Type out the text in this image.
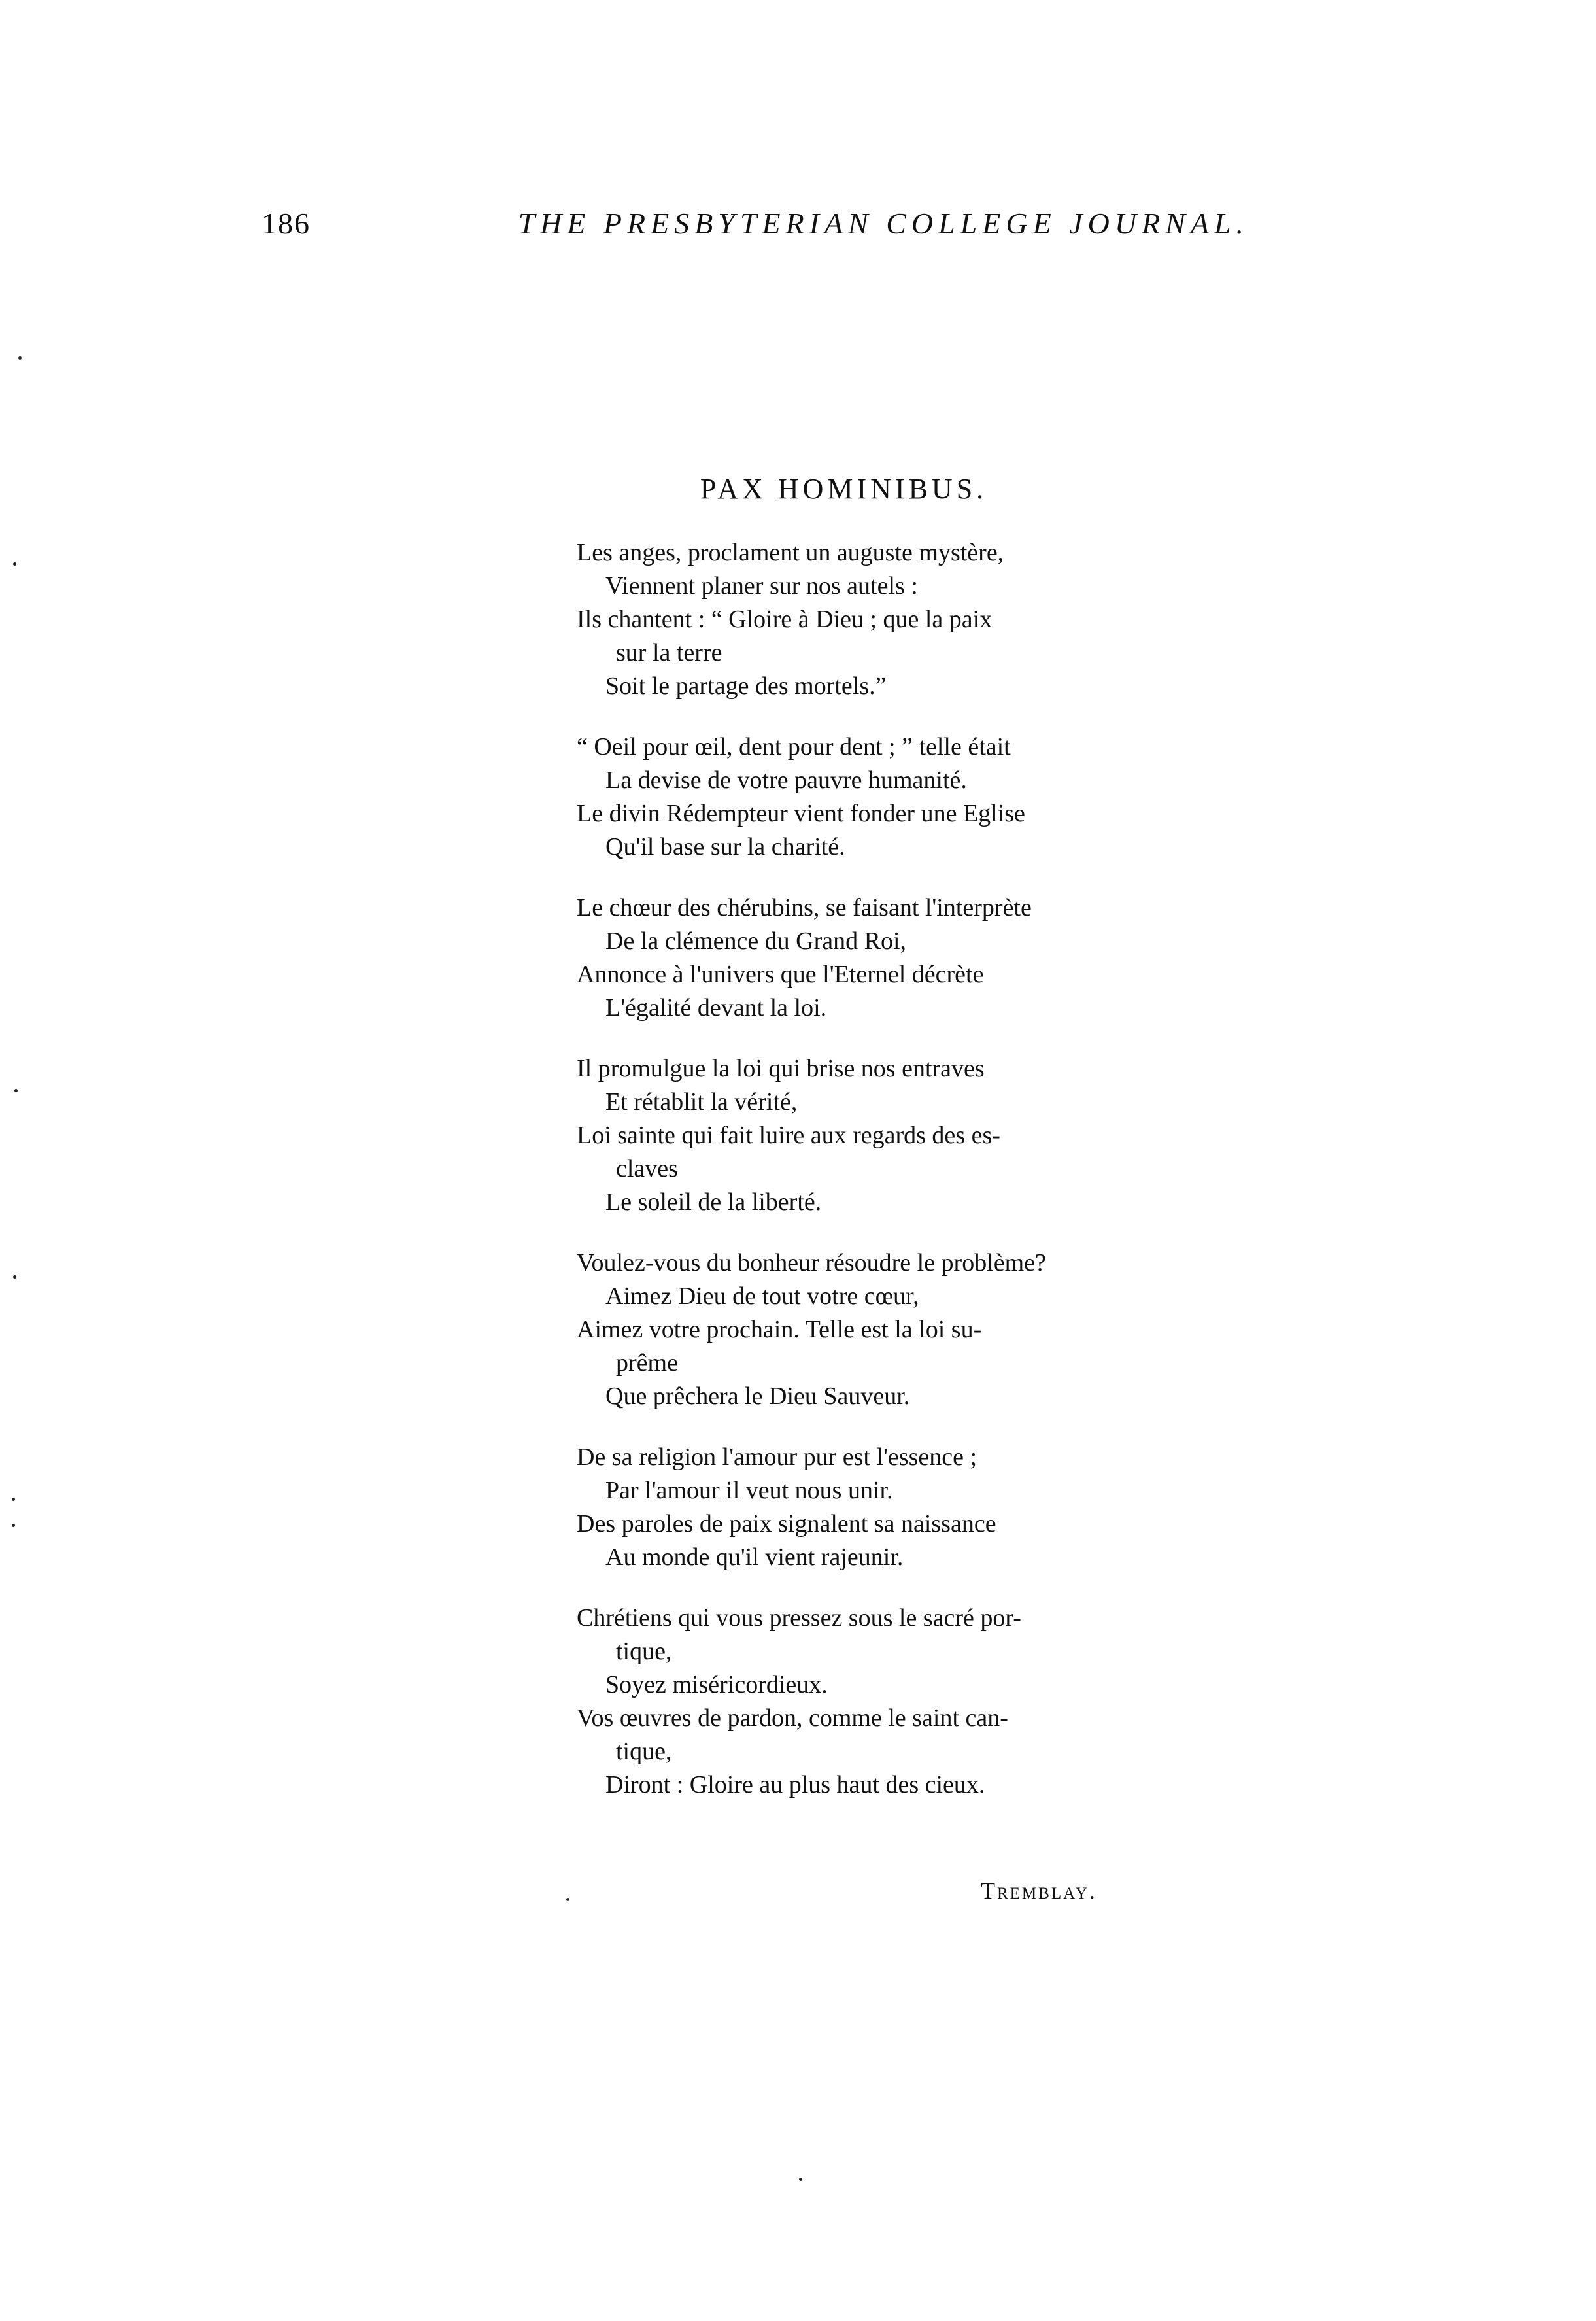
186	THE PRESBYTERIAN COLLEGE JOURNAL.
PAX HOMINIBUS.
Les anges, proclament un auguste mystère,
Viennent planer sur nos autels :
Ils chantent : “ Gloire à Dieu ; que la paix
sur la terre
Soit le partage des mortels.”
“ Oeil pour œil, dent pour dent ; ” telle était
La devise de votre pauvre humanité.
Le divin Rédempteur vient fonder une Eglise
Qu'il base sur la charité.
Le chœur des chérubins, se faisant l'interprète
De la clémence du Grand Roi,
Annonce à l'univers que l'Eternel décrète
L'égalité devant la loi.
Il promulgue la loi qui brise nos entraves
Et rétablit la vérité,
Loi sainte qui fait luire aux regards des es-
claves
Le soleil de la liberté.
Voulez-vous du bonheur résoudre le problème?
Aimez Dieu de tout votre cœur,
Aimez votre prochain. Telle est la loi su-
prême
Que prêchera le Dieu Sauveur.
De sa religion l'amour pur est l'essence ;
Par l'amour il veut nous unir.
Des paroles de paix signalent sa naissance
Au monde qu'il vient rajeunir.
Chrétiens qui vous pressez sous le sacré por-
tique,
Soyez miséricordieux.
Vos œuvres de pardon, comme le saint can-
tique,
Diront : Gloire au plus haut des cieux.
Tremblay.
